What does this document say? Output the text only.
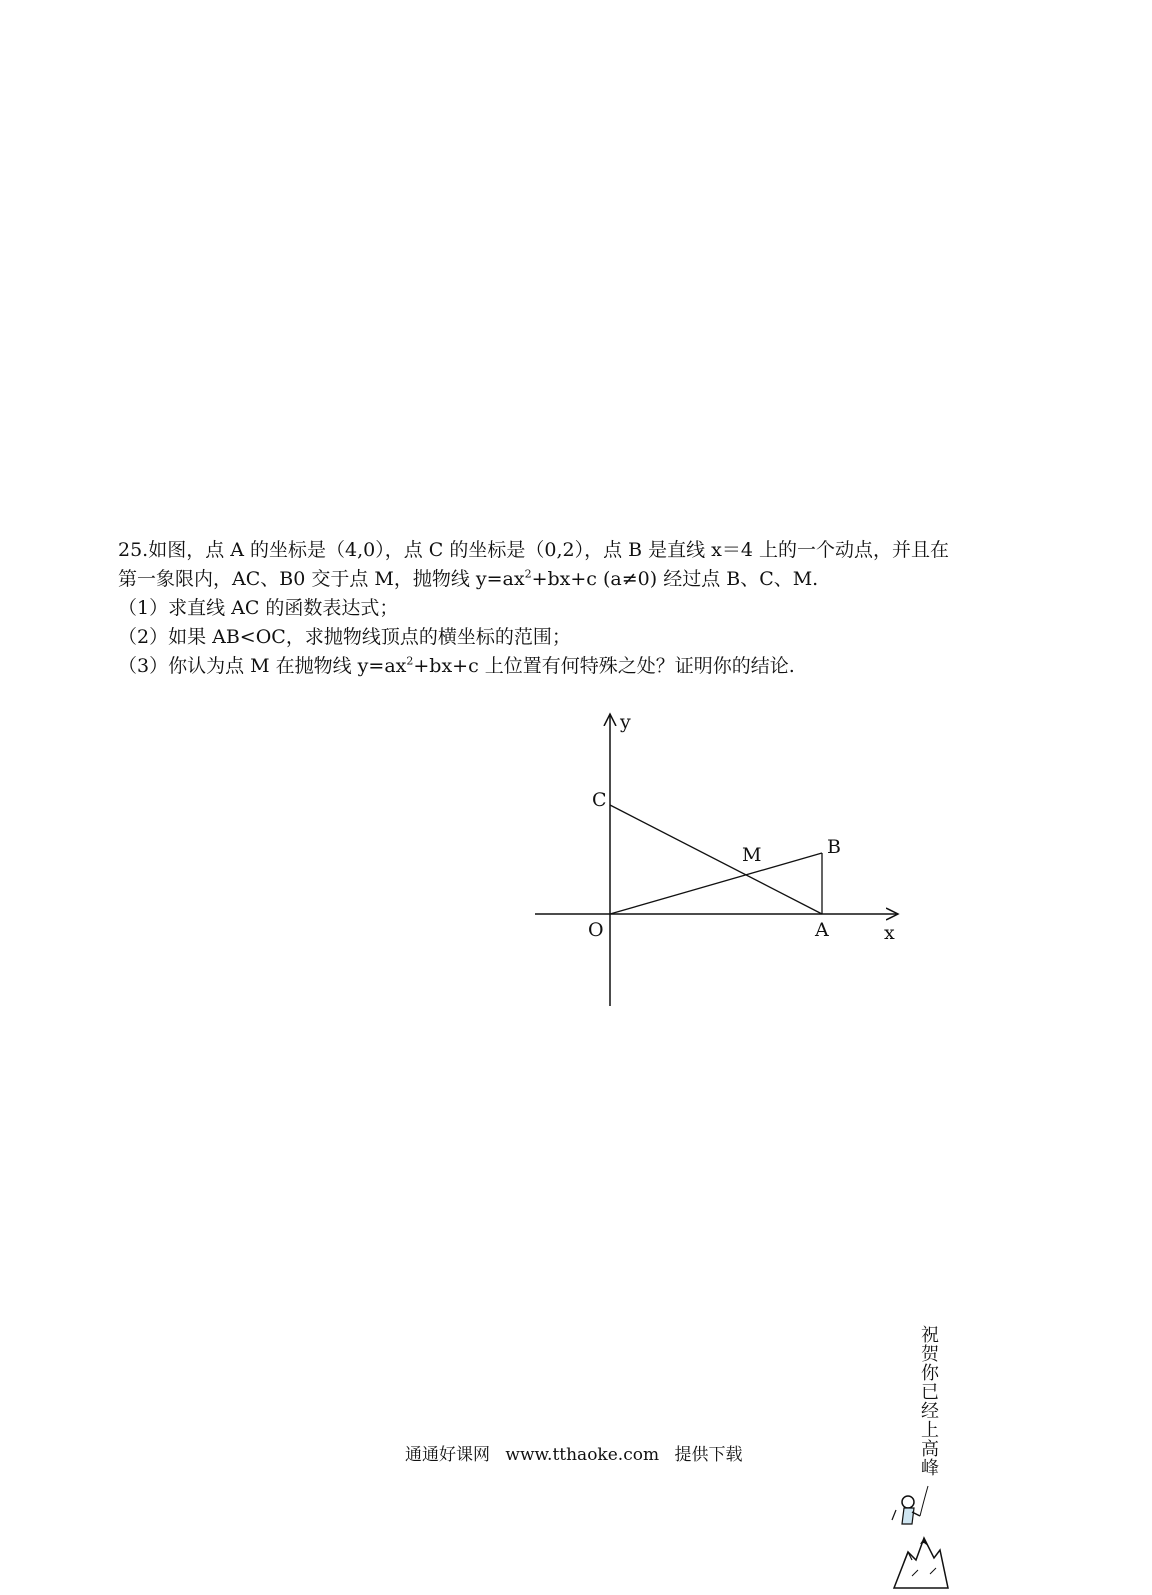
25.如图，点 A 的坐标是（4,0），点 C 的坐标是（0,2），点 B 是直线 x＝4 上的一个动点，并且在

第一象限内，AC、B0 交于点 M，抛物线 $y=ax^2+bx+c$ (a≠0) 经过点 B、C、M.

（1）求直线 AC 的函数表达式；

（2）如果 AB<OC，求抛物线顶点的横坐标的范围；

（3）你认为点 M 在抛物线 $y=ax^2+bx+c$ 上位置有何特殊之处？证明你的结论.

y
C
M	B
O	A	x
通通好课网 www.tthaoke.com 提供下载	祝贺你已经上高峰
